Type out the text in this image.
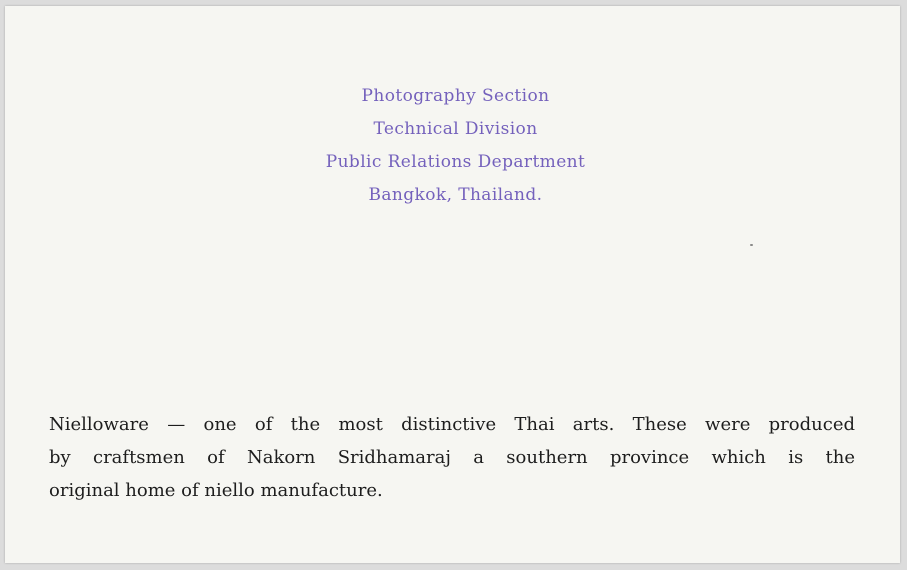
Photography Section
Technical Division
Public Relations Department
Bangkok, Thailand.
Nielloware — one of the most distinctive Thai arts. These were produced
by craftsmen of Nakorn Sridhamaraj a southern province which is the
original home of niello manufacture.
